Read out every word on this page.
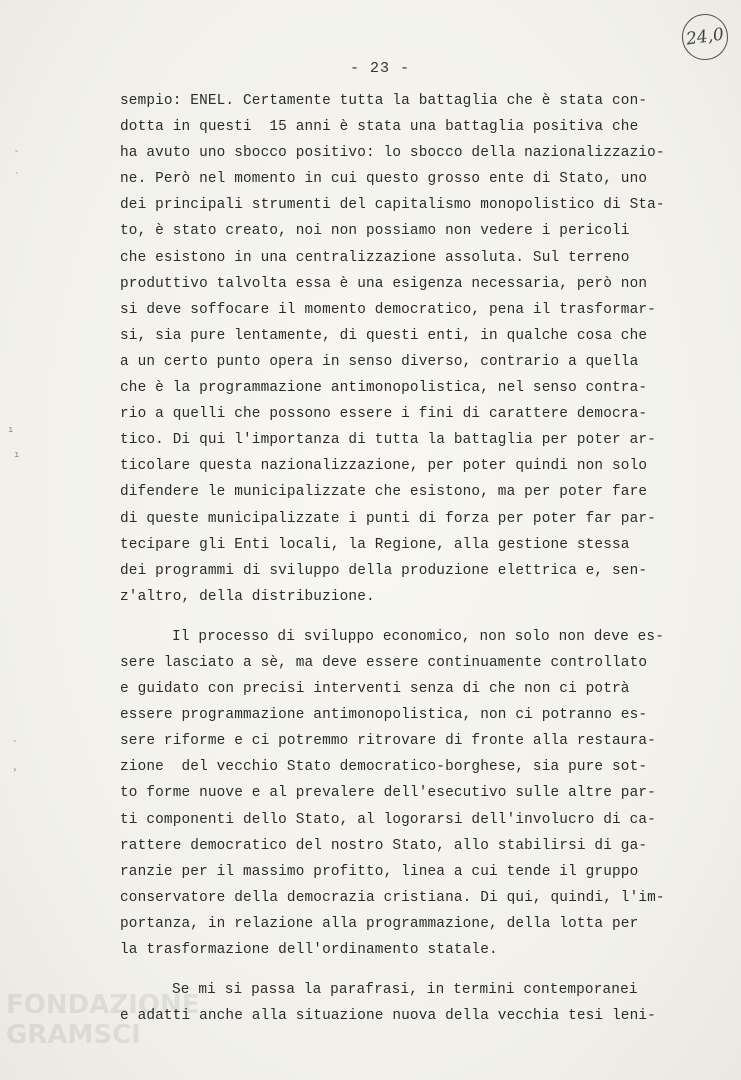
24,0
- 23 -
˘
´
ı
ı
˘
›
sempio: ENEL. Certamente tutta la battaglia che è stata con-
dotta in questi  15 anni è stata una battaglia positiva che
ha avuto uno sbocco positivo: lo sbocco della nazionalizzazio-
ne. Però nel momento in cui questo grosso ente di Stato, uno
dei principali strumenti del capitalismo monopolistico di Sta-
to, è stato creato, noi non possiamo non vedere i pericoli
che esistono in una centralizzazione assoluta. Sul terreno
produttivo talvolta essa è una esigenza necessaria, però non
si deve soffocare il momento democratico, pena il trasformar-
si, sia pure lentamente, di questi enti, in qualche cosa che
a un certo punto opera in senso diverso, contrario a quella
che è la programmazione antimonopolistica, nel senso contra-
rio a quelli che possono essere i fini di carattere democra-
tico. Di qui l'importanza di tutta la battaglia per poter ar-
ticolare questa nazionalizzazione, per poter quindi non solo
difendere le municipalizzate che esistono, ma per poter fare
di queste municipalizzate i punti di forza per poter far par-
tecipare gli Enti locali, la Regione, alla gestione stessa
dei programmi di sviluppo della produzione elettrica e, sen-
z'altro, della distribuzione.
Il processo di sviluppo economico, non solo non deve es-
sere lasciato a sè, ma deve essere continuamente controllato
e guidato con precisi interventi senza di che non ci potrà
essere programmazione antimonopolistica, non ci potranno es-
sere riforme e ci potremmo ritrovare di fronte alla restaura-
zione  del vecchio Stato democratico-borghese, sia pure sot-
to forme nuove e al prevalere dell'esecutivo sulle altre par-
ti componenti dello Stato, al logorarsi dell'involucro di ca-
rattere democratico del nostro Stato, allo stabilirsi di ga-
ranzie per il massimo profitto, linea a cui tende il gruppo
conservatore della democrazia cristiana. Di qui, quindi, l'im-
portanza, in relazione alla programmazione, della lotta per
la trasformazione dell'ordinamento statale.
Se mi si passa la parafrasi, in termini contemporanei
e adatti anche alla situazione nuova della vecchia tesi leni-
FONDAZIONE
GRAMSCI
